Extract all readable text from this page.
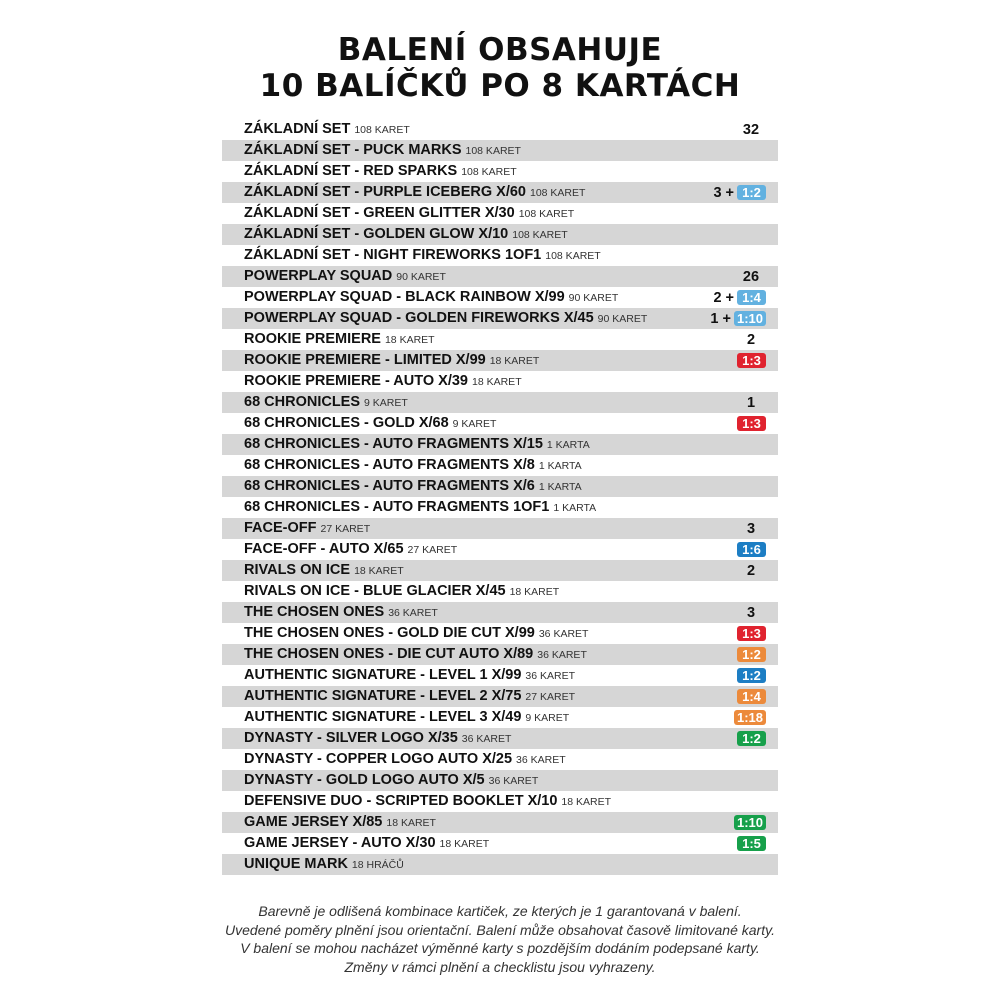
BALENÍ OBSAHUJE
10 BALÍČKŮ PO 8 KARTÁCH
ZÁKLADNÍ SET 108 KARET	32
ZÁKLADNÍ SET - PUCK MARKS 108 KARET
ZÁKLADNÍ SET - RED SPARKS 108 KARET
ZÁKLADNÍ SET - PURPLE ICEBERG X/60 108 KARET	3 + 1:2
ZÁKLADNÍ SET - GREEN GLITTER X/30 108 KARET
ZÁKLADNÍ SET - GOLDEN GLOW X/10 108 KARET
ZÁKLADNÍ SET - NIGHT FIREWORKS 1OF1 108 KARET
POWERPLAY SQUAD 90 KARET	26
POWERPLAY SQUAD - BLACK RAINBOW X/99 90 KARET	2 + 1:4
POWERPLAY SQUAD - GOLDEN FIREWORKS X/45 90 KARET	1 + 1:10
ROOKIE PREMIERE 18 KARET	2
ROOKIE PREMIERE - LIMITED X/99 18 KARET	1:3
ROOKIE PREMIERE - AUTO X/39 18 KARET
68 CHRONICLES 9 KARET	1
68 CHRONICLES - GOLD X/68 9 KARET	1:3
68 CHRONICLES - AUTO FRAGMENTS X/15 1 KARTA
68 CHRONICLES - AUTO FRAGMENTS X/8 1 KARTA
68 CHRONICLES - AUTO FRAGMENTS X/6 1 KARTA
68 CHRONICLES - AUTO FRAGMENTS 1OF1 1 KARTA
FACE-OFF 27 KARET	3
FACE-OFF - AUTO X/65 27 KARET	1:6
RIVALS ON ICE 18 KARET	2
RIVALS ON ICE - BLUE GLACIER X/45 18 KARET
THE CHOSEN ONES 36 KARET	3
THE CHOSEN ONES - GOLD DIE CUT X/99 36 KARET	1:3
THE CHOSEN ONES - DIE CUT AUTO X/89 36 KARET	1:2
AUTHENTIC SIGNATURE - LEVEL 1 X/99 36 KARET	1:2
AUTHENTIC SIGNATURE - LEVEL 2 X/75 27 KARET	1:4
AUTHENTIC SIGNATURE - LEVEL 3 X/49 9 KARET	1:18
DYNASTY - SILVER LOGO X/35 36 KARET	1:2
DYNASTY - COPPER LOGO AUTO X/25 36 KARET
DYNASTY - GOLD LOGO AUTO X/5 36 KARET
DEFENSIVE DUO - SCRIPTED BOOKLET X/10 18 KARET
GAME JERSEY X/85 18 KARET	1:10
GAME JERSEY - AUTO X/30 18 KARET	1:5
UNIQUE MARK 18 HRÁČŮ
Barevně je odlišená kombinace kartiček, ze kterých je 1 garantovaná v balení.
Uvedené poměry plnění jsou orientační. Balení může obsahovat časově limitované karty.
V balení se mohou nacházet výměnné karty s pozdějším dodáním podepsané karty.
Změny v rámci plnění a checklistu jsou vyhrazeny.
